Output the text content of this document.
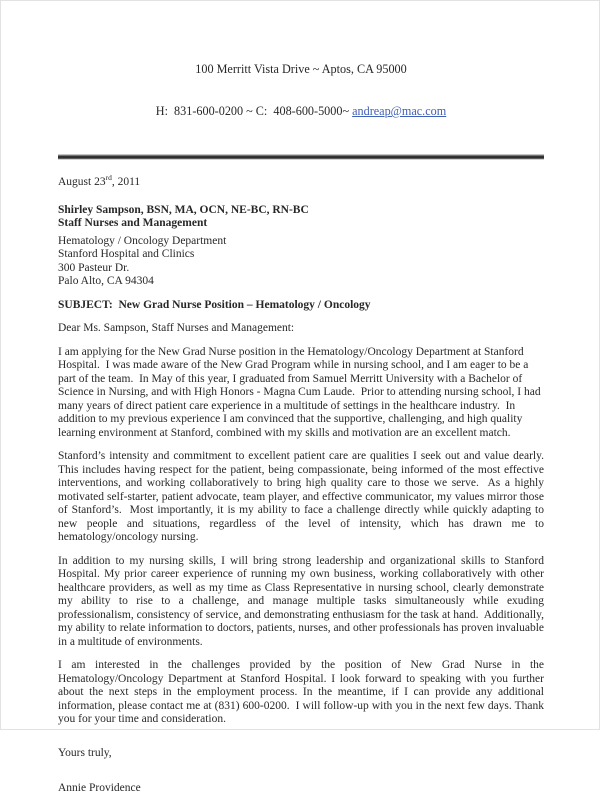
100 Merritt Vista Drive ~ Aptos, CA 95000

H:  831-600-0200 ~ C:  408-600-5000~ andreap@mac.com

August 23rd, 2011
Shirley Sampson, BSN, MA, OCN, NE-BC, RN-BC
Staff Nurses and Management
Hematology / Oncology Department
Stanford Hospital and Clinics
300 Pasteur Dr.
Palo Alto, CA 94304
SUBJECT:  New Grad Nurse Position – Hematology / Oncology
Dear Ms. Sampson, Staff Nurses and Management:

I am applying for the New Grad Nurse position in the Hematology/Oncology Department at Stanford Hospital.  I was made aware of the New Grad Program while in nursing school, and I am eager to be a part of the team.  In May of this year, I graduated from Samuel Merritt University with a Bachelor of Science in Nursing, and with High Honors - Magna Cum Laude.  Prior to attending nursing school, I had many years of direct patient care experience in a multitude of settings in the healthcare industry.  In addition to my previous experience I am convinced that the supportive, challenging, and high quality learning environment at Stanford, combined with my skills and motivation are an excellent match.

Stanford’s intensity and commitment to excellent patient care are qualities I seek out and value dearly.  This includes having respect for the patient, being compassionate, being informed of the most effective interventions, and working collaboratively to bring high quality care to those we serve.  As a highly motivated self-starter, patient advocate, team player, and effective communicator, my values mirror those of Stanford’s.  Most importantly, it is my ability to face a challenge directly while quickly adapting to new people and situations, regardless of the level of intensity, which has drawn me to hematology/oncology nursing.

In addition to my nursing skills, I will bring strong leadership and organizational skills to Stanford Hospital. My prior career experience of running my own business, working collaboratively with other healthcare providers, as well as my time as Class Representative in nursing school, clearly demonstrate my ability to rise to a challenge, and manage multiple tasks simultaneously while exuding professionalism, consistency of service, and demonstrating enthusiasm for the task at hand.  Additionally, my ability to relate information to doctors, patients, nurses, and other professionals has proven invaluable in a multitude of environments.

I am interested in the challenges provided by the position of New Grad Nurse in the Hematology/Oncology Department at Stanford Hospital. I look forward to speaking with you further about the next steps in the employment process. In the meantime, if I can provide any additional information, please contact me at (831) 600-0200.  I will follow-up with you in the next few days. Thank you for your time and consideration.

Yours truly,
Annie Providence
